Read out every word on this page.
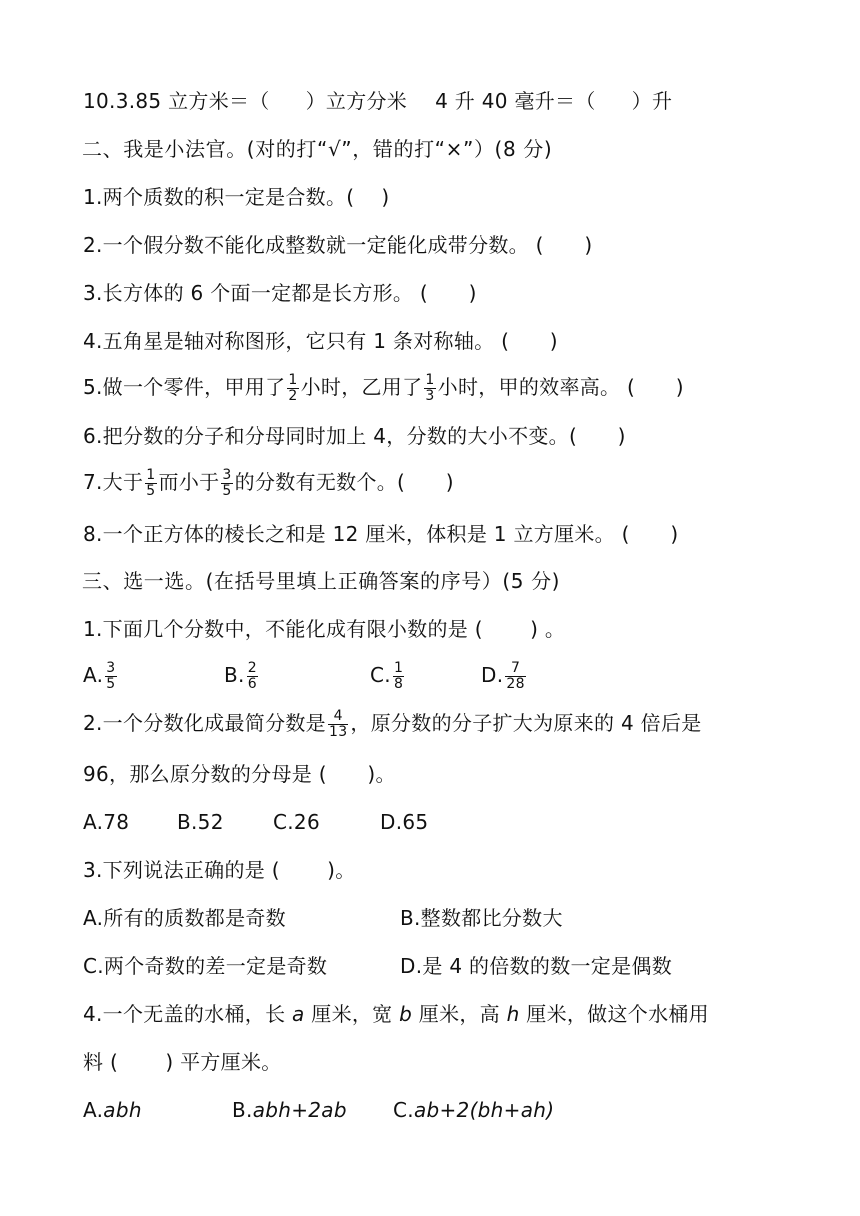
10.3.85 立方米＝（ ）立方分米 4 升 40 毫升＝（ ）升
二、我是小法官。(对的打“√”，错的打“×”）(8 分)
1.两个质数的积一定是合数。(　 )
2.一个假分数不能化成整数就一定能化成带分数。 (　　)
3.长方体的 6 个面一定都是长方形。 (　　)
4.五角星是轴对称图形，它只有 1 条对称轴。 (　　)
5.做一个零件，甲用了 $\frac{1}{2}$ 小时，乙用了 $\frac{1}{3}$ 小时，甲的效率高。 (　　)
6.把分数的分子和分母同时加上 4，分数的大小不变。(　　)
7.大于 $\frac{1}{5}$ 而小于 $\frac{3}{5}$ 的分数有无数个。(　　)
8.一个正方体的棱长之和是 12 厘米，体积是 1 立方厘米。 (　　)
三、选一选。(在括号里填上正确答案的序号）(5 分)
1.下面几个分数中，不能化成有限小数的是 (　　 ) 。
A. $\frac{3}{5}$	B. $\frac{2}{6}$	C. $\frac{1}{8}$	D. $\frac{7}{28}$
2.一个分数化成最简分数是 $\frac{4}{13}$ ，原分数的分子扩大为原来的 4 倍后是
96，那么原分数的分母是 (　　)。
A.78 B.52 C.26	D.65
3.下列说法正确的是 (　　 )。
A.所有的质数都是奇数	B.整数都比分数大
C.两个奇数的差一定是奇数	D.是 4 的倍数的数一定是偶数
4.一个无盖的水桶，长 a 厘米，宽 b 厘米，高 h 厘米，做这个水桶用
料 (　　 ) 平方厘米。
A.abh	B.abh+2ab C.ab+2(bh+ah)
